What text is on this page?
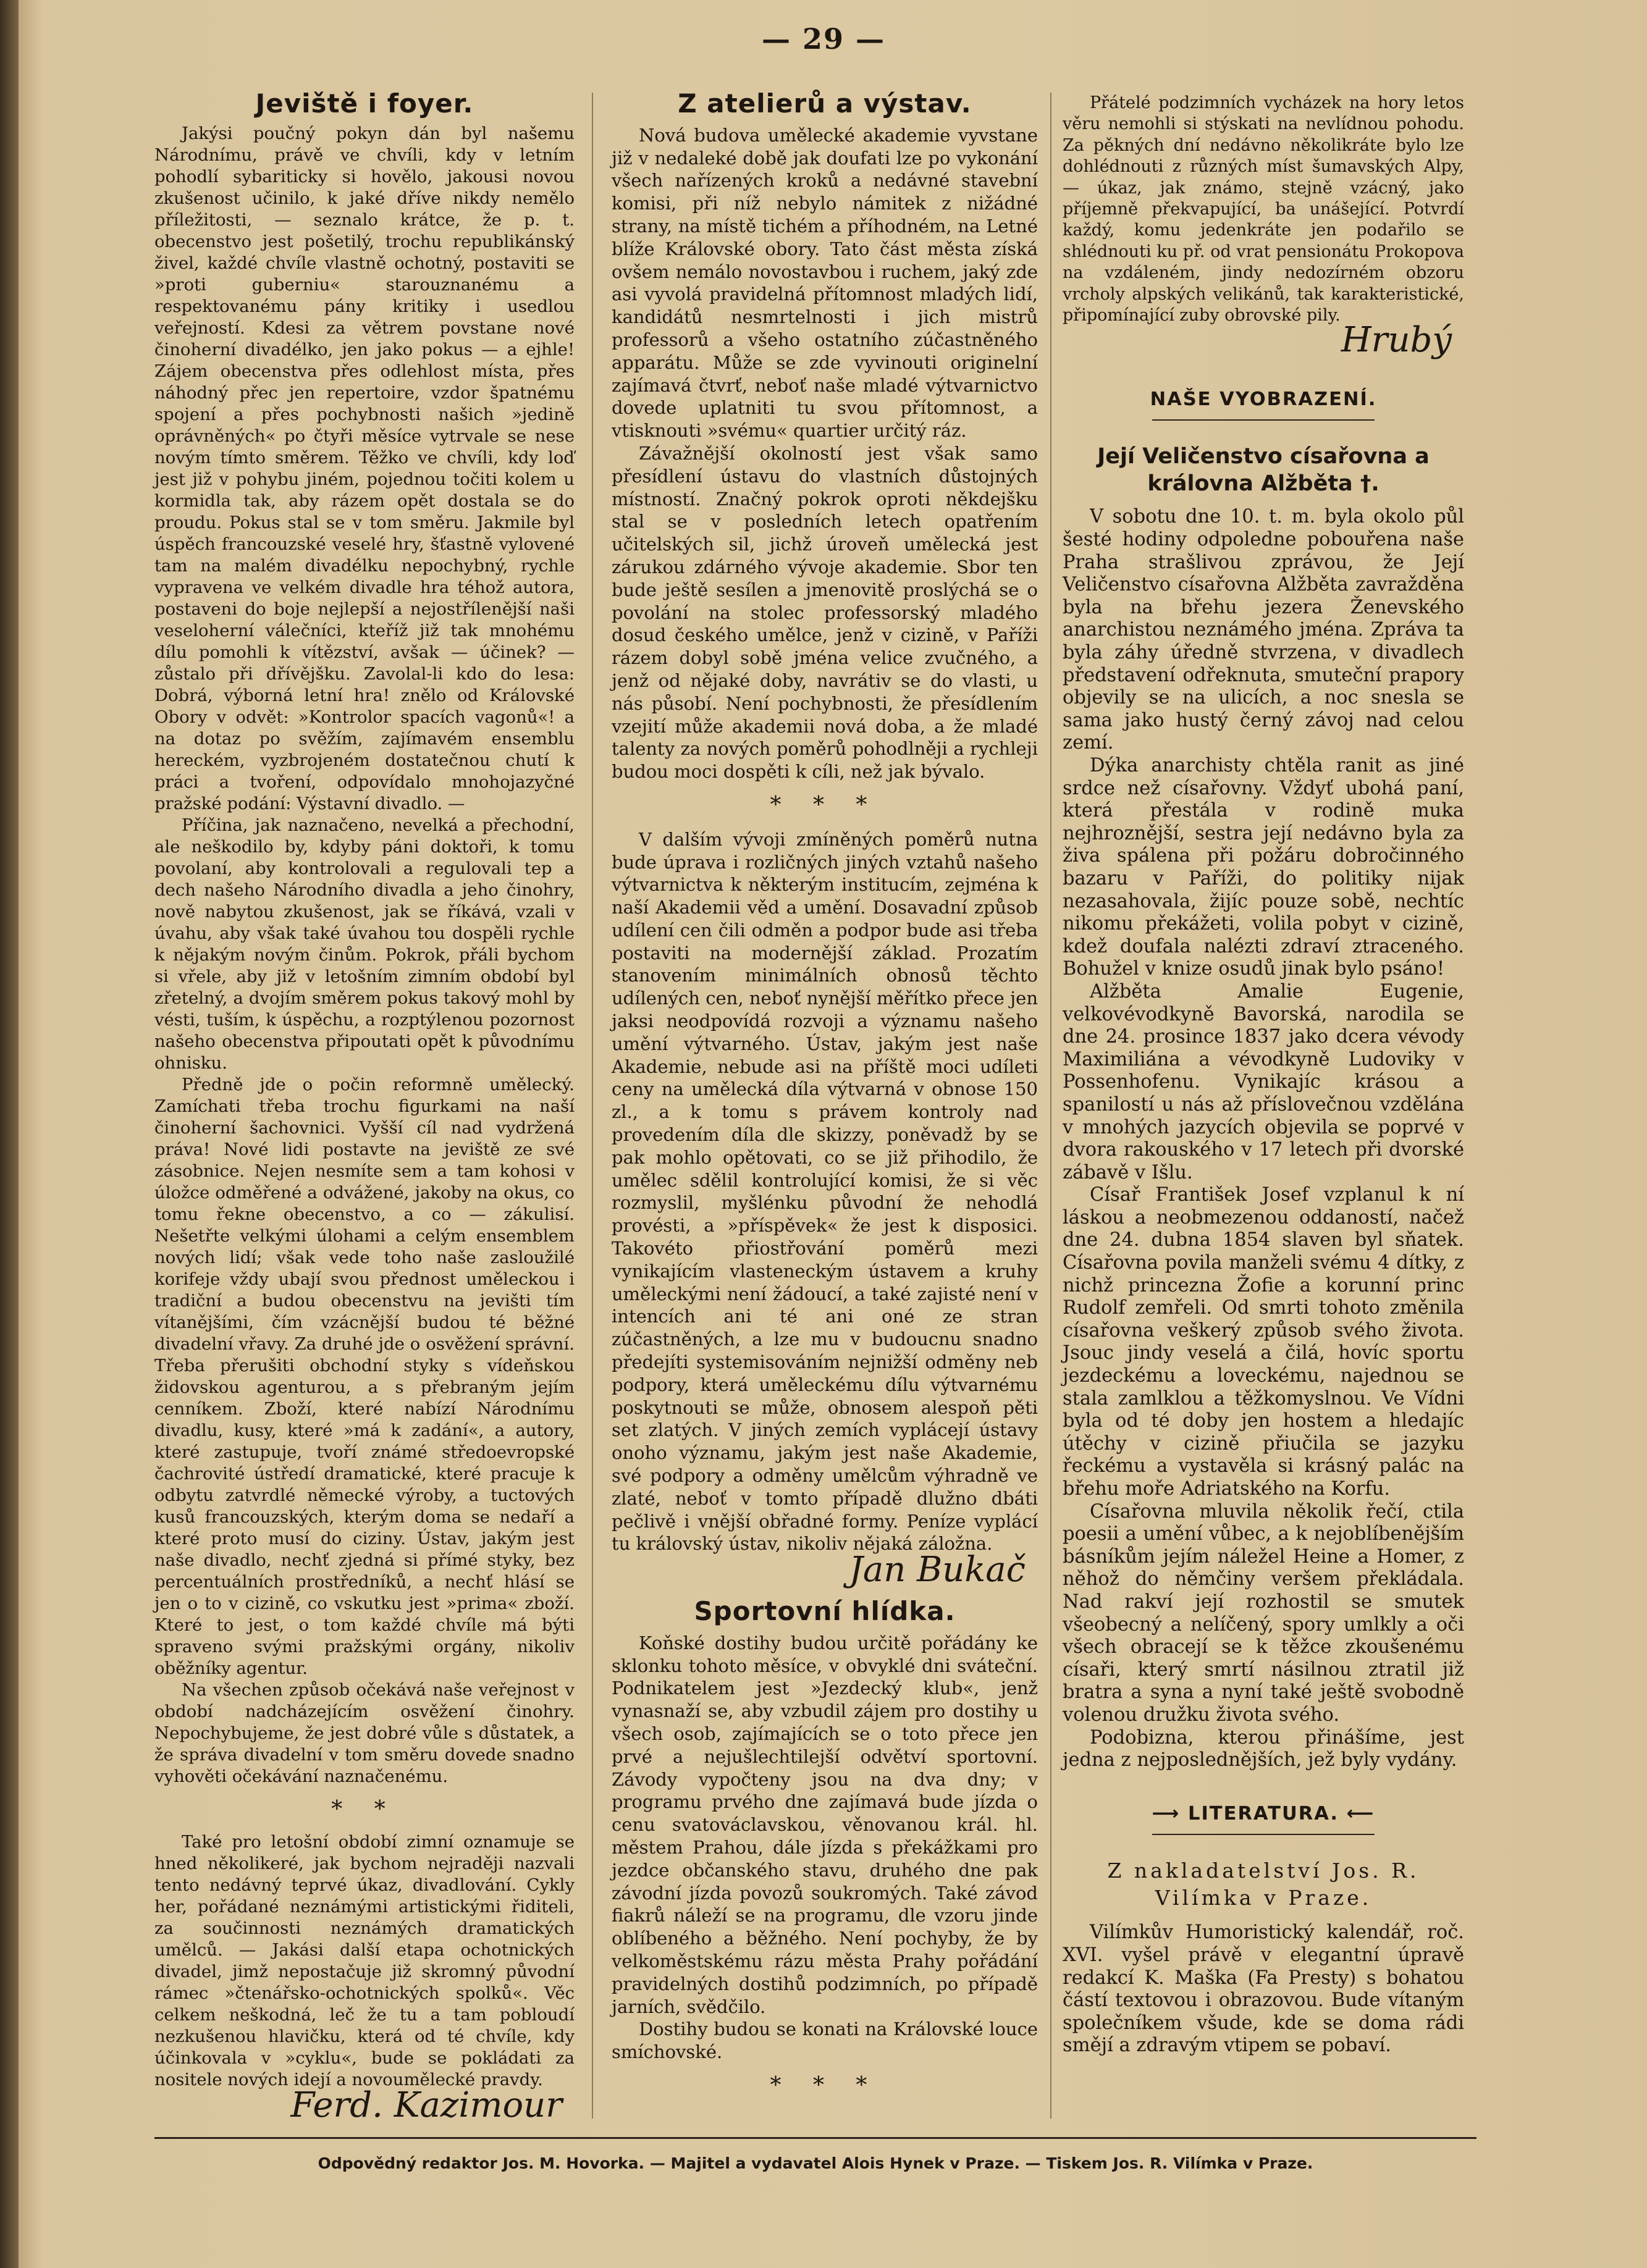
— 29 —
Jeviště i foyer.

Jakýsi poučný pokyn dán byl našemu Národnímu, právě ve chvíli, kdy v letním pohodlí sybariticky si hovělo, jakousi novou zkušenost učinilo, k jaké dříve nikdy nemělo příležitosti, — seznalo krátce, že p. t. obecenstvo jest pošetilý, trochu republikánský živel, každé chvíle vlastně ochotný, postaviti se »proti guberniu« starouznanému a respektovanému pány kritiky i usedlou veřejností. Kdesi za větrem povstane nové činoherní divadélko, jen jako pokus — a ejhle! Zájem obecenstva přes odlehlost místa, přes náhodný přec jen repertoire, vzdor špatnému spojení a přes pochybnosti našich »jedině oprávněných« po čtyři měsíce vytrvale se nese novým tímto směrem. Těžko ve chvíli, kdy loď jest již v pohybu jiném, pojednou točiti kolem u kormidla tak, aby rázem opět dostala se do proudu. Pokus stal se v tom směru. Jakmile byl úspěch francouzské veselé hry, šťastně vylovené tam na malém divadélku nepochybný, rychle vypravena ve velkém divadle hra téhož autora, postaveni do boje nejlepší a nejostřílenější naši veseloherní válečníci, kteříž již tak mnohému dílu pomohli k vítězství, avšak — účinek? — zůstalo při dřívějšku. Zavolal-li kdo do lesa: Dobrá, výborná letní hra! znělo od Královské Obory v odvět: »Kontrolor spacích vagonů«! a na dotaz po svěžím, zajímavém ensemblu hereckém, vyzbrojeném dostatečnou chutí k práci a tvoření, odpovídalo mnohojazyčné pražské podání: Výstavní divadlo. —

Příčina, jak naznačeno, nevelká a přechodní, ale neškodilo by, kdyby páni doktoři, k tomu povolaní, aby kontrolovali a regulovali tep a dech našeho Národního divadla a jeho činohry, nově nabytou zkušenost, jak se říkává, vzali v úvahu, aby však také úvahou tou dospěli rychle k nějakým novým činům. Pokrok, přáli bychom si vřele, aby již v letošním zimním období byl zřetelný, a dvojím směrem pokus takový mohl by vésti, tuším, k úspěchu, a rozptýlenou pozornost našeho obecenstva připoutati opět k původnímu ohnisku.

Předně jde o počin reformně umělecký. Zamíchati třeba trochu figurkami na naší činoherní šachovnici. Vyšší cíl nad vydržená práva! Nové lidi postavte na jeviště ze své zásobnice. Nejen nesmíte sem a tam kohosi v úložce odměřené a odvážené, jakoby na okus, co tomu řekne obecenstvo, a co — zákulisí. Nešetřte velkými úlohami a celým ensemblem nových lidí; však vede toho naše zasloužilé korifeje vždy ubají svou přednost uměleckou i tradiční a budou obecenstvu na jevišti tím vítanějšími, čím vzácnější budou té běžné divadelní vřavy. Za druhé jde o osvěžení správní. Třeba přerušiti obchodní styky s vídeňskou židovskou agenturou, a s přebraným jejím cenníkem. Zboží, které nabízí Národnímu divadlu, kusy, které »má k zadání«, a autory, které zastupuje, tvoří známé středoevropské čachrovité ústředí dramatické, které pracuje k odbytu zatvrdlé německé výroby, a tuctových kusů francouzských, kterým doma se nedaří a které proto musí do ciziny. Ústav, jakým jest naše divadlo, nechť zjedná si přímé styky, bez percentuálních prostředníků, a nechť hlásí se jen o to v cizině, co vskutku jest »prima« zboží. Které to jest, o tom každé chvíle má býti spraveno svými pražskými orgány, nikoliv oběžníky agentur.

Na všechen způsob očekává naše veřejnost v období nadcházejícím osvěžení činohry. Nepochybujeme, že jest dobré vůle s důstatek, a že správa divadelní v tom směru dovede snadno vyhověti očekávání naznačenému.

* *

Také pro letošní období zimní oznamuje se hned několikeré, jak bychom nejraději nazvali tento nedávný teprvé úkaz, divadlování. Cykly her, pořádané neznámými artistickými řiditeli, za součinnosti neznámých dramatických umělců. — Jakási další etapa ochotnických divadel, jimž nepostačuje již skromný původní rámec »čtenářsko-ochotnických spolků«. Věc celkem neškodná, leč že tu a tam pobloudí nezkušenou hlavičku, která od té chvíle, kdy účinkovala v »cyklu«, bude se pokládati za nositele nových idejí a novoumělecké pravdy.

Ferd. Kazimour
Z atelierů a výstav.

Nová budova umělecké akademie vyvstane již v nedaleké době jak doufati lze po vykonání všech nařízených kroků a nedávné stavební komisi, při níž nebylo námitek z nižádné strany, na místě tichém a příhodném, na Letné blíže Královské obory. Tato část města získá ovšem nemálo novostavbou i ruchem, jaký zde asi vyvolá pravidelná přítomnost mladých lidí, kandidátů nesmrtelnosti i jich mistrů professorů a všeho ostatního zúčastněného apparátu. Může se zde vyvinouti originelní zajímavá čtvrť, neboť naše mladé výtvarnictvo dovede uplatniti tu svou přítomnost, a vtisknouti »svému« quartier určitý ráz.

Závažnější okolností jest však samo přesídlení ústavu do vlastních důstojných místností. Značný pokrok oproti někdejšku stal se v posledních letech opatřením učitelských sil, jichž úroveň umělecká jest zárukou zdárného vývoje akademie. Sbor ten bude ještě sesílen a jmenovitě proslýchá se o povolání na stolec professorský mladého dosud českého umělce, jenž v cizině, v Paříži rázem dobyl sobě jména velice zvučného, a jenž od nějaké doby, navrátiv se do vlasti, u nás působí. Není pochybnosti, že přesídlením vzejití může akademii nová doba, a že mladé talenty za nových poměrů pohodlněji a rychleji budou moci dospěti k cíli, než jak bývalo.

* * *

V dalším vývoji zmíněných poměrů nutna bude úprava i rozličných jiných vztahů našeho výtvarnictva k některým institucím, zejména k naší Akademii věd a umění. Dosavadní způsob udílení cen čili odměn a podpor bude asi třeba postaviti na modernější základ. Prozatím stanovením minimálních obnosů těchto udílených cen, neboť nynější měřítko přece jen jaksi neodpovídá rozvoji a významu našeho umění výtvarného. Ústav, jakým jest naše Akademie, nebude asi na příště moci udíleti ceny na umělecká díla výtvarná v obnose 150 zl., a k tomu s právem kontroly nad provedením díla dle skizzy, poněvadž by se pak mohlo opětovati, co se již přihodilo, že umělec sdělil kontrolující komisi, že si věc rozmyslil, myšlénku původní že nehodlá provésti, a »příspěvek« že jest k disposici. Takovéto přiostřování poměrů mezi vynikajícím vlasteneckým ústavem a kruhy uměleckými není žádoucí, a také zajisté není v intencích ani té ani oné ze stran zúčastněných, a lze mu v budoucnu snadno předejíti systemisováním nejnižší odměny neb podpory, která uměleckému dílu výtvarnému poskytnouti se může, obnosem alespoň pěti set zlatých. V jiných zemích vyplácejí ústavy onoho významu, jakým jest naše Akademie, své podpory a odměny umělcům výhradně ve zlaté, neboť v tomto případě dlužno dbáti pečlivě i vnější obřadné formy. Peníze vyplácí tu královský ústav, nikoliv nějaká záložna.

Jan Bukač
Sportovní hlídka.

Koňské dostihy budou určitě pořádány ke sklonku tohoto měsíce, v obvyklé dni sváteční. Podnikatelem jest »Jezdecký klub«, jenž vynasnaží se, aby vzbudil zájem pro dostihy u všech osob, zajímajících se o toto přece jen prvé a nejušlechtilejší odvětví sportovní. Závody vypočteny jsou na dva dny; v programu prvého dne zajímavá bude jízda o cenu svatováclavskou, věnovanou král. hl. městem Prahou, dále jízda s překážkami pro jezdce občanského stavu, druhého dne pak závodní jízda povozů soukromých. Také závod fiakrů náleží se na programu, dle vzoru jinde oblíbeného a běžného. Není pochyby, že by velkoměstskému rázu města Prahy pořádání pravidelných dostihů podzimních, po případě jarních, svědčilo.

Dostihy budou se konati na Královské louce smíchovské.

* * *

Přátelé podzimních vycházek na hory letos věru nemohli si stýskati na nevlídnou pohodu. Za pěkných dní nedávno několikráte bylo lze dohlédnouti z různých míst šumavských Alpy, — úkaz, jak známo, stejně vzácný, jako příjemně překvapující, ba unášející. Potvrdí každý, komu jedenkráte jen podařilo se shlédnouti ku př. od vrat pensionátu Prokopova na vzdáleném, jindy nedozírném obzoru vrcholy alpských velikánů, tak karakteristické, připomínající zuby obrovské pily.

Hrubý
NAŠE VYOBRAZENÍ.
Její Veličenstvo císařovna a královna Alžběta †.

V sobotu dne 10. t. m. byla okolo půl šesté hodiny odpoledne pobouřena naše Praha strašlivou zprávou, že Její Veličenstvo císařovna Alžběta zavražděna byla na břehu jezera Ženevského anarchistou neznámého jména. Zpráva ta byla záhy úředně stvrzena, v divadlech představení odřeknuta, smuteční prapory objevily se na ulicích, a noc snesla se sama jako hustý černý závoj nad celou zemí.

Dýka anarchisty chtěla ranit as jiné srdce než císařovny. Vždyť ubohá paní, která přestála v rodině muka nejhroznější, sestra její nedávno byla za živa spálena při požáru dobročinného bazaru v Paříži, do politiky nijak nezasahovala, žijíc pouze sobě, nechtíc nikomu překážeti, volila pobyt v cizině, kdež doufala nalézti zdraví ztraceného. Bohužel v knize osudů jinak bylo psáno!

Alžběta Amalie Eugenie, velkovévodkyně Bavorská, narodila se dne 24. prosince 1837 jako dcera vévody Maximiliána a vévodkyně Ludoviky v Possenhofenu. Vynikajíc krásou a spanilostí u nás až příslovečnou vzdělána v mnohých jazycích objevila se poprvé v dvora rakouského v 17 letech při dvorské zábavě v Išlu.

Císař František Josef vzplanul k ní láskou a neobmezenou oddaností, načež dne 24. dubna 1854 slaven byl sňatek. Císařovna povila manželi svému 4 dítky, z nichž princezna Žofie a korunní princ Rudolf zemřeli. Od smrti tohoto změnila císařovna veškerý způsob svého života. Jsouc jindy veselá a čilá, hovíc sportu jezdeckému a loveckému, najednou se stala zamlklou a těžkomyslnou. Ve Vídni byla od té doby jen hostem a hledajíc útěchy v cizině přiučila se jazyku řeckému a vystavěla si krásný palác na břehu moře Adriatského na Korfu.

Císařovna mluvila několik řečí, ctila poesii a umění vůbec, a k nejoblíbenějším básníkům jejím náležel Heine a Homer, z něhož do němčiny veršem překládala. Nad rakví její rozhostil se smutek všeobecný a nelíčený, spory umlkly a oči všech obracejí se k těžce zkoušenému císaři, který smrtí násilnou ztratil již bratra a syna a nyní také ještě svobodně volenou družku života svého.

Podobizna, kterou přinášíme, jest jedna z nejposlednějších, jež byly vydány.

⟶ LITERATURA. ⟵
Z nakladatelství Jos. R. Vilímka v Praze.

Vilímkův Humoristický kalendář, roč. XVI. vyšel právě v elegantní úpravě redakcí K. Maška (Fa Presty) s bohatou částí textovou i obrazovou. Bude vítaným společníkem všude, kde se doma rádi smějí a zdravým vtipem se pobaví.

Odpovědný redaktor Jos. M. Hovorka. — Majitel a vydavatel Alois Hynek v Praze. — Tiskem Jos. R. Vilímka v Praze.
